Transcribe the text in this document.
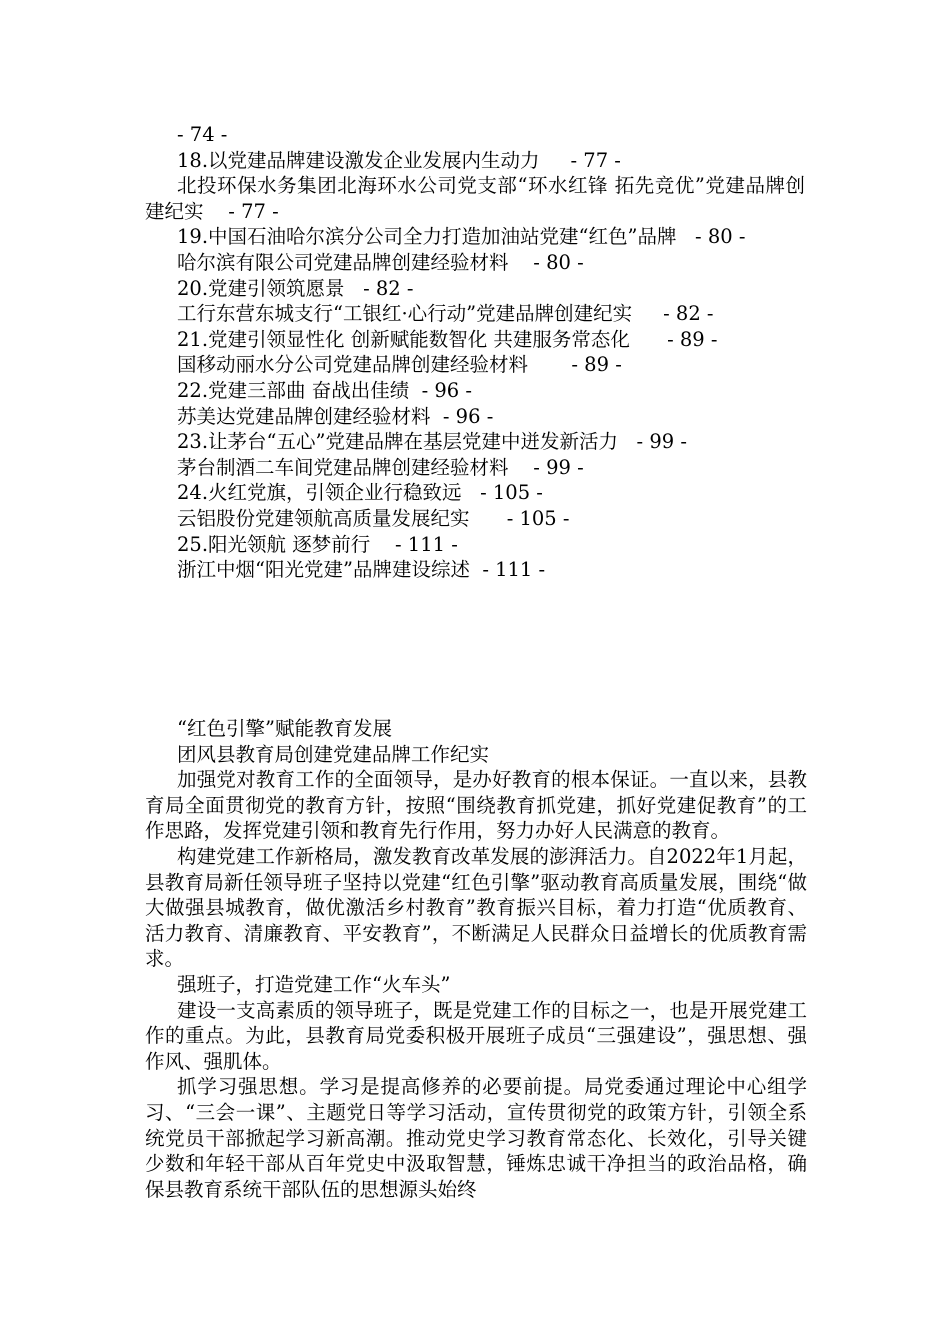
- 74 -
18.以党建品牌建设激发企业发展内生动力     - 77 -
北投环保水务集团北海环水公司党支部“环水红锋 拓先竞优”党建品牌创建纪实    - 77 -
19.中国石油哈尔滨分公司全力打造加油站党建“红色”品牌   - 80 -
哈尔滨有限公司党建品牌创建经验材料    - 80 -
20.党建引领筑愿景   - 82 -
工行东营东城支行“工银红·心行动”党建品牌创建纪实     - 82 -
21.党建引领显性化 创新赋能数智化 共建服务常态化      - 89 -
国移动丽水分公司党建品牌创建经验材料       - 89 -
22.党建三部曲 奋战出佳绩  - 96 -
苏美达党建品牌创建经验材料  - 96 -
23.让茅台“五心”党建品牌在基层党建中迸发新活力   - 99 -
茅台制酒二车间党建品牌创建经验材料    - 99 -
24.火红党旗，引领企业行稳致远   - 105 -
云铝股份党建领航高质量发展纪实      - 105 -
25.阳光领航 逐梦前行    - 111 -
浙江中烟“阳光党建”品牌建设综述  - 111 -

“红色引擎”赋能教育发展

团风县教育局创建党建品牌工作纪实

加强党对教育工作的全面领导，是办好教育的根本保证。一直以来，县教育局全面贯彻党的教育方针，按照“围绕教育抓党建，抓好党建促教育”的工作思路，发挥党建引领和教育先行作用，努力办好人民满意的教育。

构建党建工作新格局，激发教育改革发展的澎湃活力。自2022年1月起，县教育局新任领导班子坚持以党建“红色引擎”驱动教育高质量发展，围绕“做大做强县城教育，做优激活乡村教育”教育振兴目标，着力打造“优质教育、活力教育、清廉教育、平安教育”，不断满足人民群众日益增长的优质教育需求。

强班子，打造党建工作“火车头”

建设一支高素质的领导班子，既是党建工作的目标之一，也是开展党建工作的重点。为此，县教育局党委积极开展班子成员“三强建设”，强思想、强作风、强肌体。

抓学习强思想。学习是提高修养的必要前提。局党委通过理论中心组学习、“三会一课”、主题党日等学习活动，宣传贯彻党的政策方针，引领全系统党员干部掀起学习新高潮。推动党史学习教育常态化、长效化，引导关键少数和年轻干部从百年党史中汲取智慧，锤炼忠诚干净担当的政治品格，确保县教育系统干部队伍的思想源头始终
